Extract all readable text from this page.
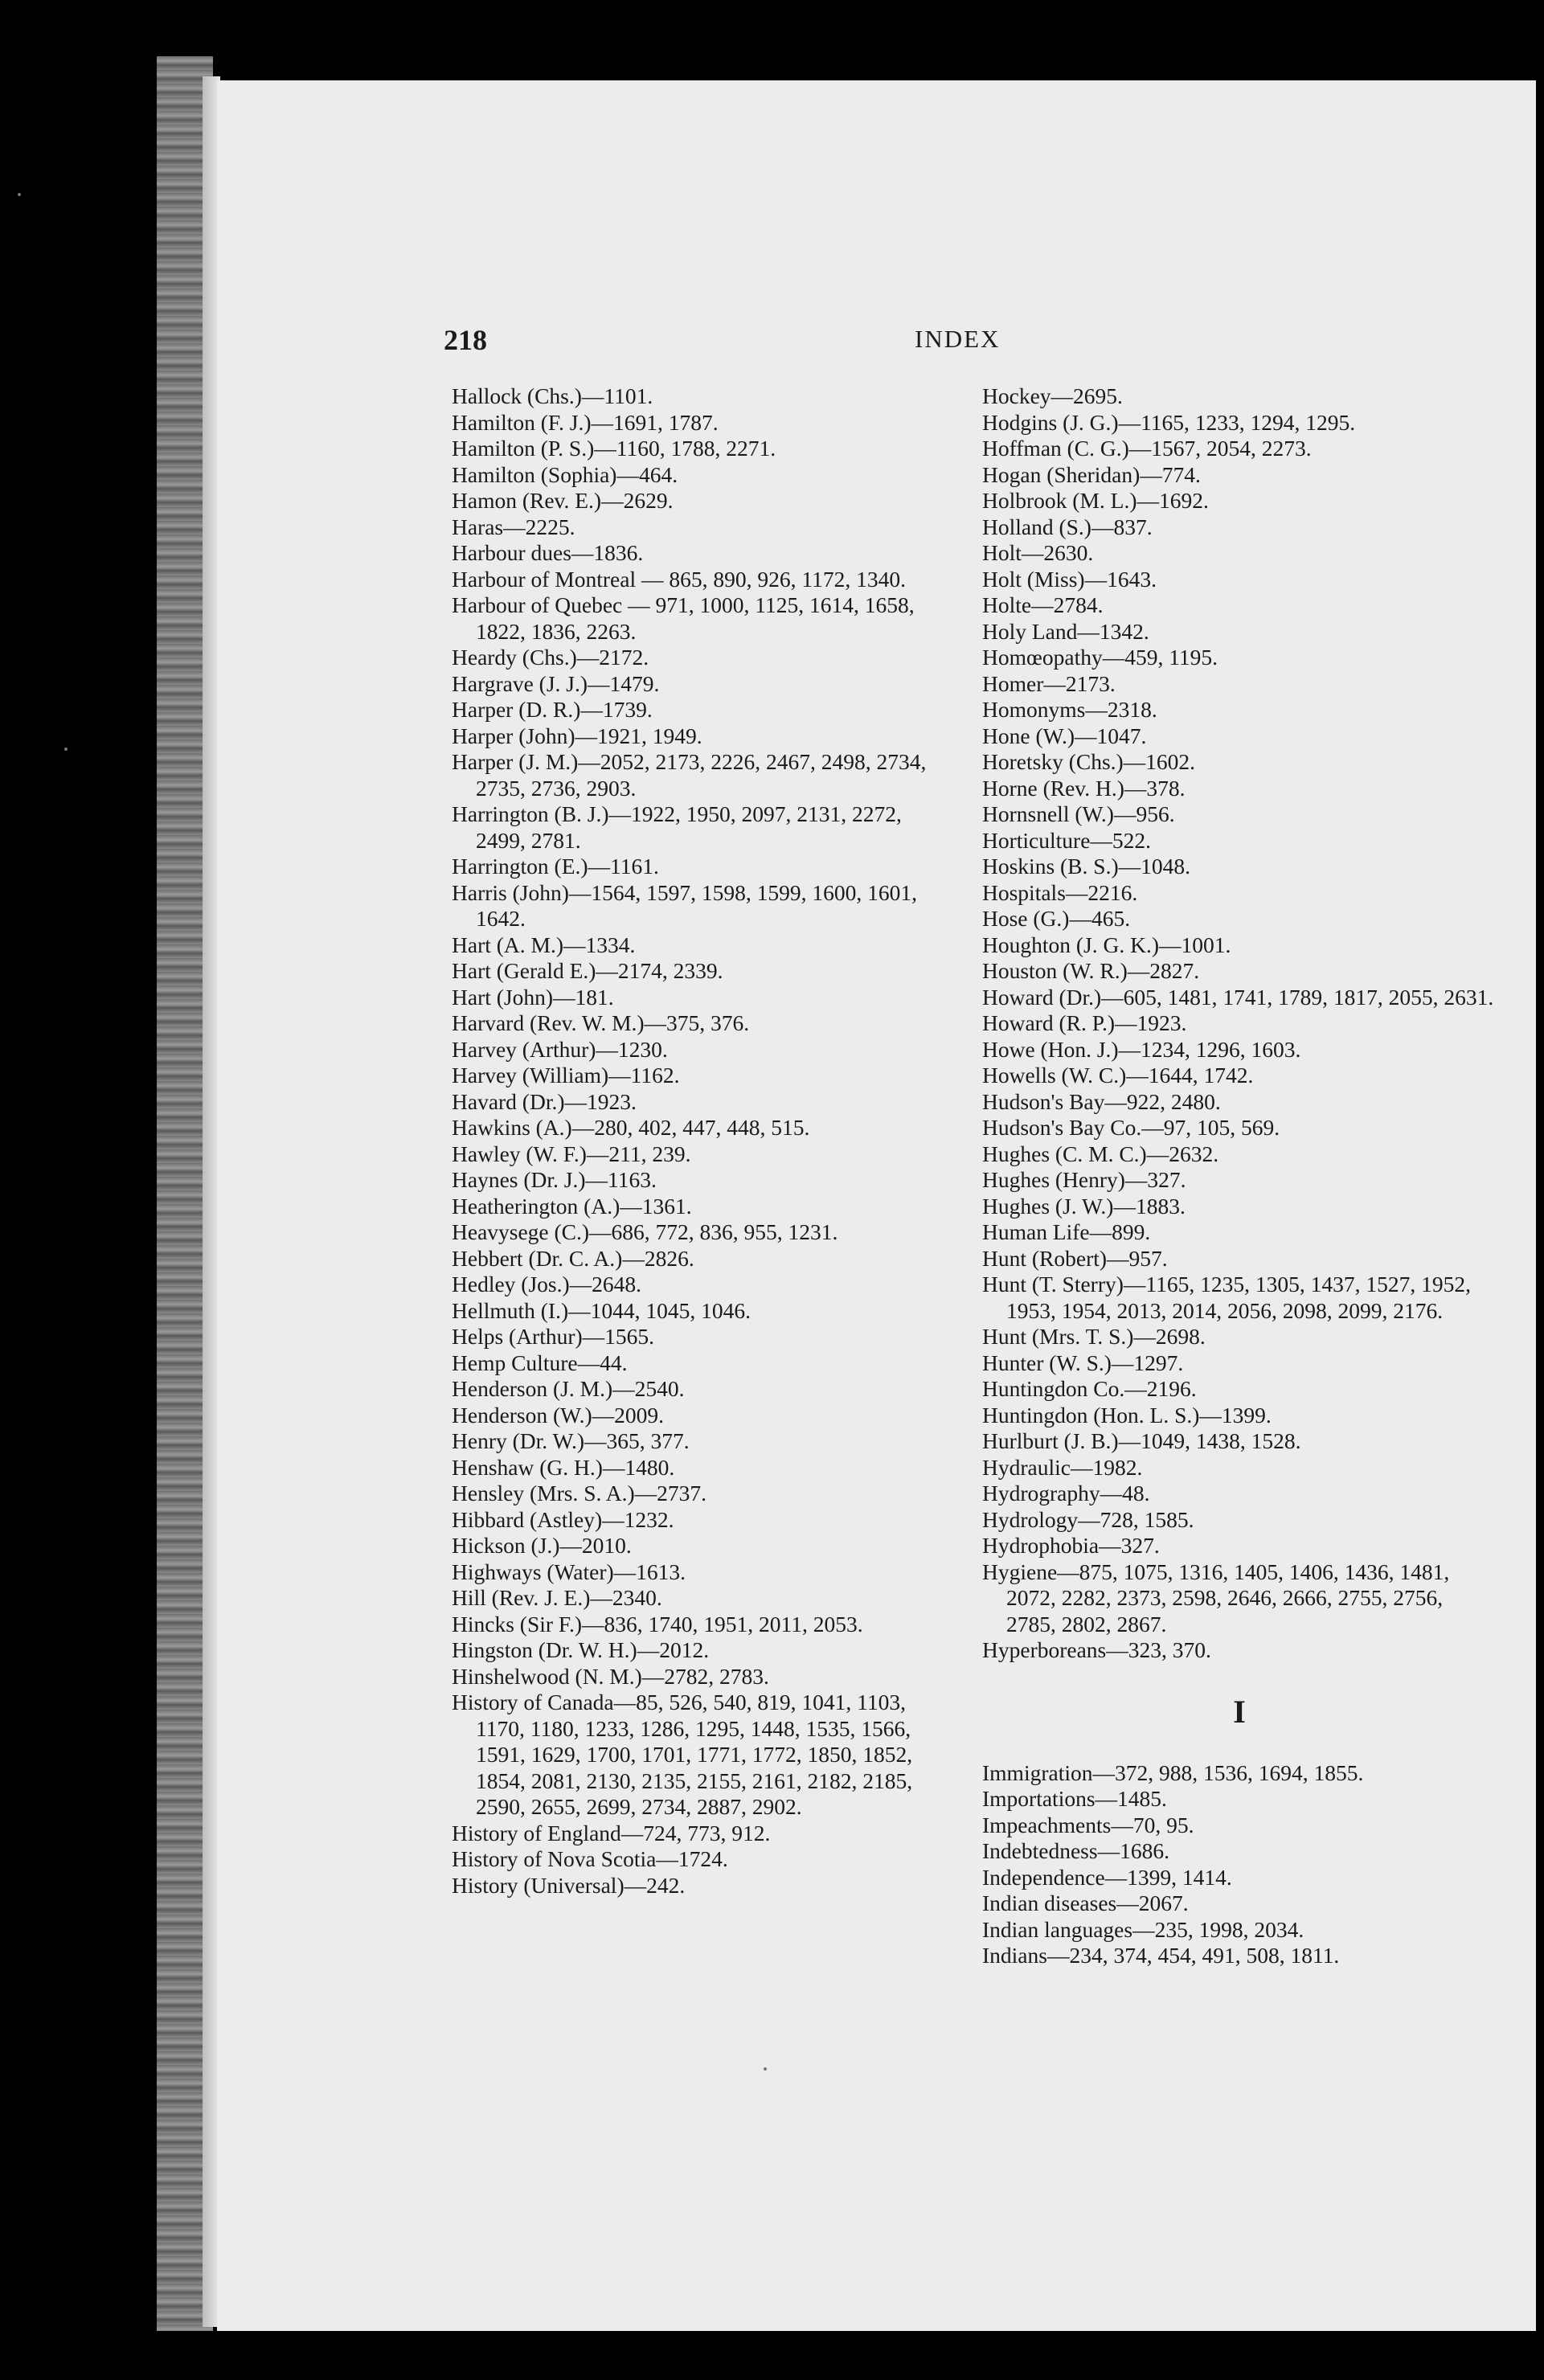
218	INDEX
Hallock (Chs.)—1101.
Hamilton (F. J.)—1691, 1787.
Hamilton (P. S.)—1160, 1788, 2271.
Hamilton (Sophia)—464.
Hamon (Rev. E.)—2629.
Haras—2225.
Harbour dues—1836.
Harbour of Montreal — 865, 890, 926, 1172, 1340.
Harbour of Quebec — 971, 1000, 1125, 1614, 1658, 1822, 1836, 2263.
Heardy (Chs.)—2172.
Hargrave (J. J.)—1479.
Harper (D. R.)—1739.
Harper (John)—1921, 1949.
Harper (J. M.)—2052, 2173, 2226, 2467, 2498, 2734, 2735, 2736, 2903.
Harrington (B. J.)—1922, 1950, 2097, 2131, 2272, 2499, 2781.
Harrington (E.)—1161.
Harris (John)—1564, 1597, 1598, 1599, 1600, 1601, 1642.
Hart (A. M.)—1334.
Hart (Gerald E.)—2174, 2339.
Hart (John)—181.
Harvard (Rev. W. M.)—375, 376.
Harvey (Arthur)—1230.
Harvey (William)—1162.
Havard (Dr.)—1923.
Hawkins (A.)—280, 402, 447, 448, 515.
Hawley (W. F.)—211, 239.
Haynes (Dr. J.)—1163.
Heatherington (A.)—1361.
Heavysege (C.)—686, 772, 836, 955, 1231.
Hebbert (Dr. C. A.)—2826.
Hedley (Jos.)—2648.
Hellmuth (I.)—1044, 1045, 1046.
Helps (Arthur)—1565.
Hemp Culture—44.
Henderson (J. M.)—2540.
Henderson (W.)—2009.
Henry (Dr. W.)—365, 377.
Henshaw (G. H.)—1480.
Hensley (Mrs. S. A.)—2737.
Hibbard (Astley)—1232.
Hickson (J.)—2010.
Highways (Water)—1613.
Hill (Rev. J. E.)—2340.
Hincks (Sir F.)—836, 1740, 1951, 2011, 2053.
Hingston (Dr. W. H.)—2012.
Hinshelwood (N. M.)—2782, 2783.
History of Canada—85, 526, 540, 819, 1041, 1103, 1170, 1180, 1233, 1286, 1295, 1448, 1535, 1566, 1591, 1629, 1700, 1701, 1771, 1772, 1850, 1852, 1854, 2081, 2130, 2135, 2155, 2161, 2182, 2185, 2590, 2655, 2699, 2734, 2887, 2902.
History of England—724, 773, 912.
History of Nova Scotia—1724.
History (Universal)—242.
Hockey—2695.
Hodgins (J. G.)—1165, 1233, 1294, 1295.
Hoffman (C. G.)—1567, 2054, 2273.
Hogan (Sheridan)—774.
Holbrook (M. L.)—1692.
Holland (S.)—837.
Holt—2630.
Holt (Miss)—1643.
Holte—2784.
Holy Land—1342.
Homœopathy—459, 1195.
Homer—2173.
Homonyms—2318.
Hone (W.)—1047.
Horetsky (Chs.)—1602.
Horne (Rev. H.)—378.
Hornsnell (W.)—956.
Horticulture—522.
Hoskins (B. S.)—1048.
Hospitals—2216.
Hose (G.)—465.
Houghton (J. G. K.)—1001.
Houston (W. R.)—2827.
Howard (Dr.)—605, 1481, 1741, 1789, 1817, 2055, 2631.
Howard (R. P.)—1923.
Howe (Hon. J.)—1234, 1296, 1603.
Howells (W. C.)—1644, 1742.
Hudson's Bay—922, 2480.
Hudson's Bay Co.—97, 105, 569.
Hughes (C. M. C.)—2632.
Hughes (Henry)—327.
Hughes (J. W.)—1883.
Human Life—899.
Hunt (Robert)—957.
Hunt (T. Sterry)—1165, 1235, 1305, 1437, 1527, 1952, 1953, 1954, 2013, 2014, 2056, 2098, 2099, 2176.
Hunt (Mrs. T. S.)—2698.
Hunter (W. S.)—1297.
Huntingdon Co.—2196.
Huntingdon (Hon. L. S.)—1399.
Hurlburt (J. B.)—1049, 1438, 1528.
Hydraulic—1982.
Hydrography—48.
Hydrology—728, 1585.
Hydrophobia—327.
Hygiene—875, 1075, 1316, 1405, 1406, 1436, 1481, 2072, 2282, 2373, 2598, 2646, 2666, 2755, 2756, 2785, 2802, 2867.
Hyperboreans—323, 370.
I
Immigration—372, 988, 1536, 1694, 1855.
Importations—1485.
Impeachments—70, 95.
Indebtedness—1686.
Independence—1399, 1414.
Indian diseases—2067.
Indian languages—235, 1998, 2034.
Indians—234, 374, 454, 491, 508, 1811.
